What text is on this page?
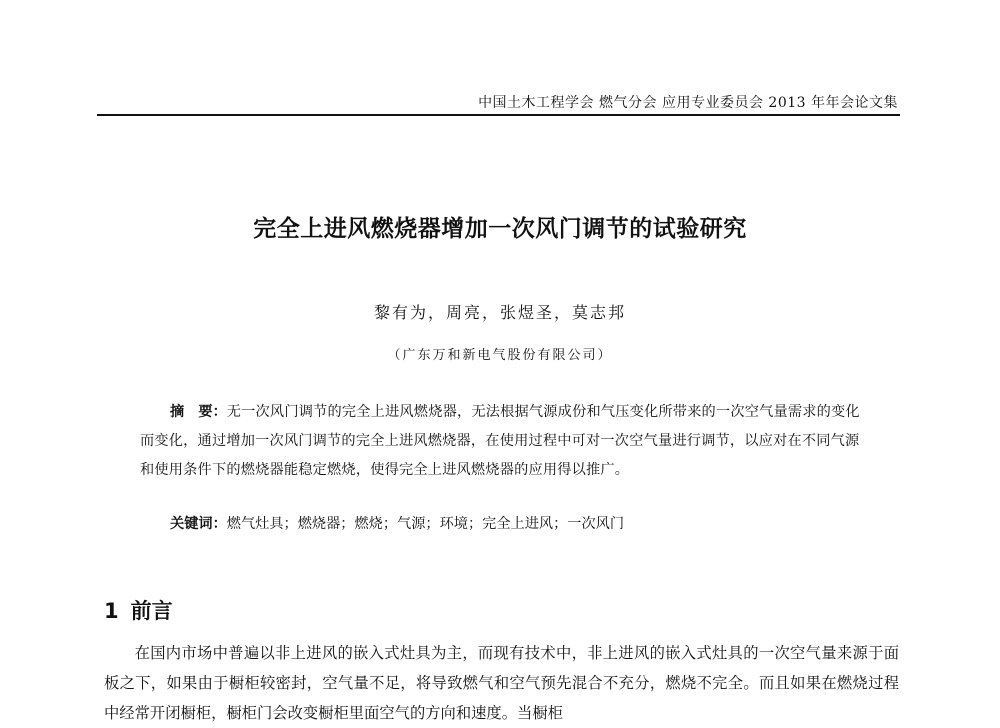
中国土木工程学会 燃气分会 应用专业委员会 2013 年年会论文集
完全上进风燃烧器增加一次风门调节的试验研究
黎有为，周亮，张煜圣，莫志邦
（广东万和新电气股份有限公司）
摘　要：无一次风门调节的完全上进风燃烧器，无法根据气源成份和气压变化所带来的一次空气量需求的变化而变化，通过增加一次风门调节的完全上进风燃烧器，在使用过程中可对一次空气量进行调节，以应对在不同气源和使用条件下的燃烧器能稳定燃烧，使得完全上进风燃烧器的应用得以推广。
关键词：燃气灶具；燃烧器；燃烧；气源；环境；完全上进风；一次风门
1 前言
在国内市场中普遍以非上进风的嵌入式灶具为主，而现有技术中，非上进风的嵌入式灶具的一次空气量来源于面板之下，如果由于橱柜较密封，空气量不足，将导致燃气和空气预先混合不充分，燃烧不完全。而且如果在燃烧过程中经常开闭橱柜，橱柜门会改变橱柜里面空气的方向和速度。当橱柜
